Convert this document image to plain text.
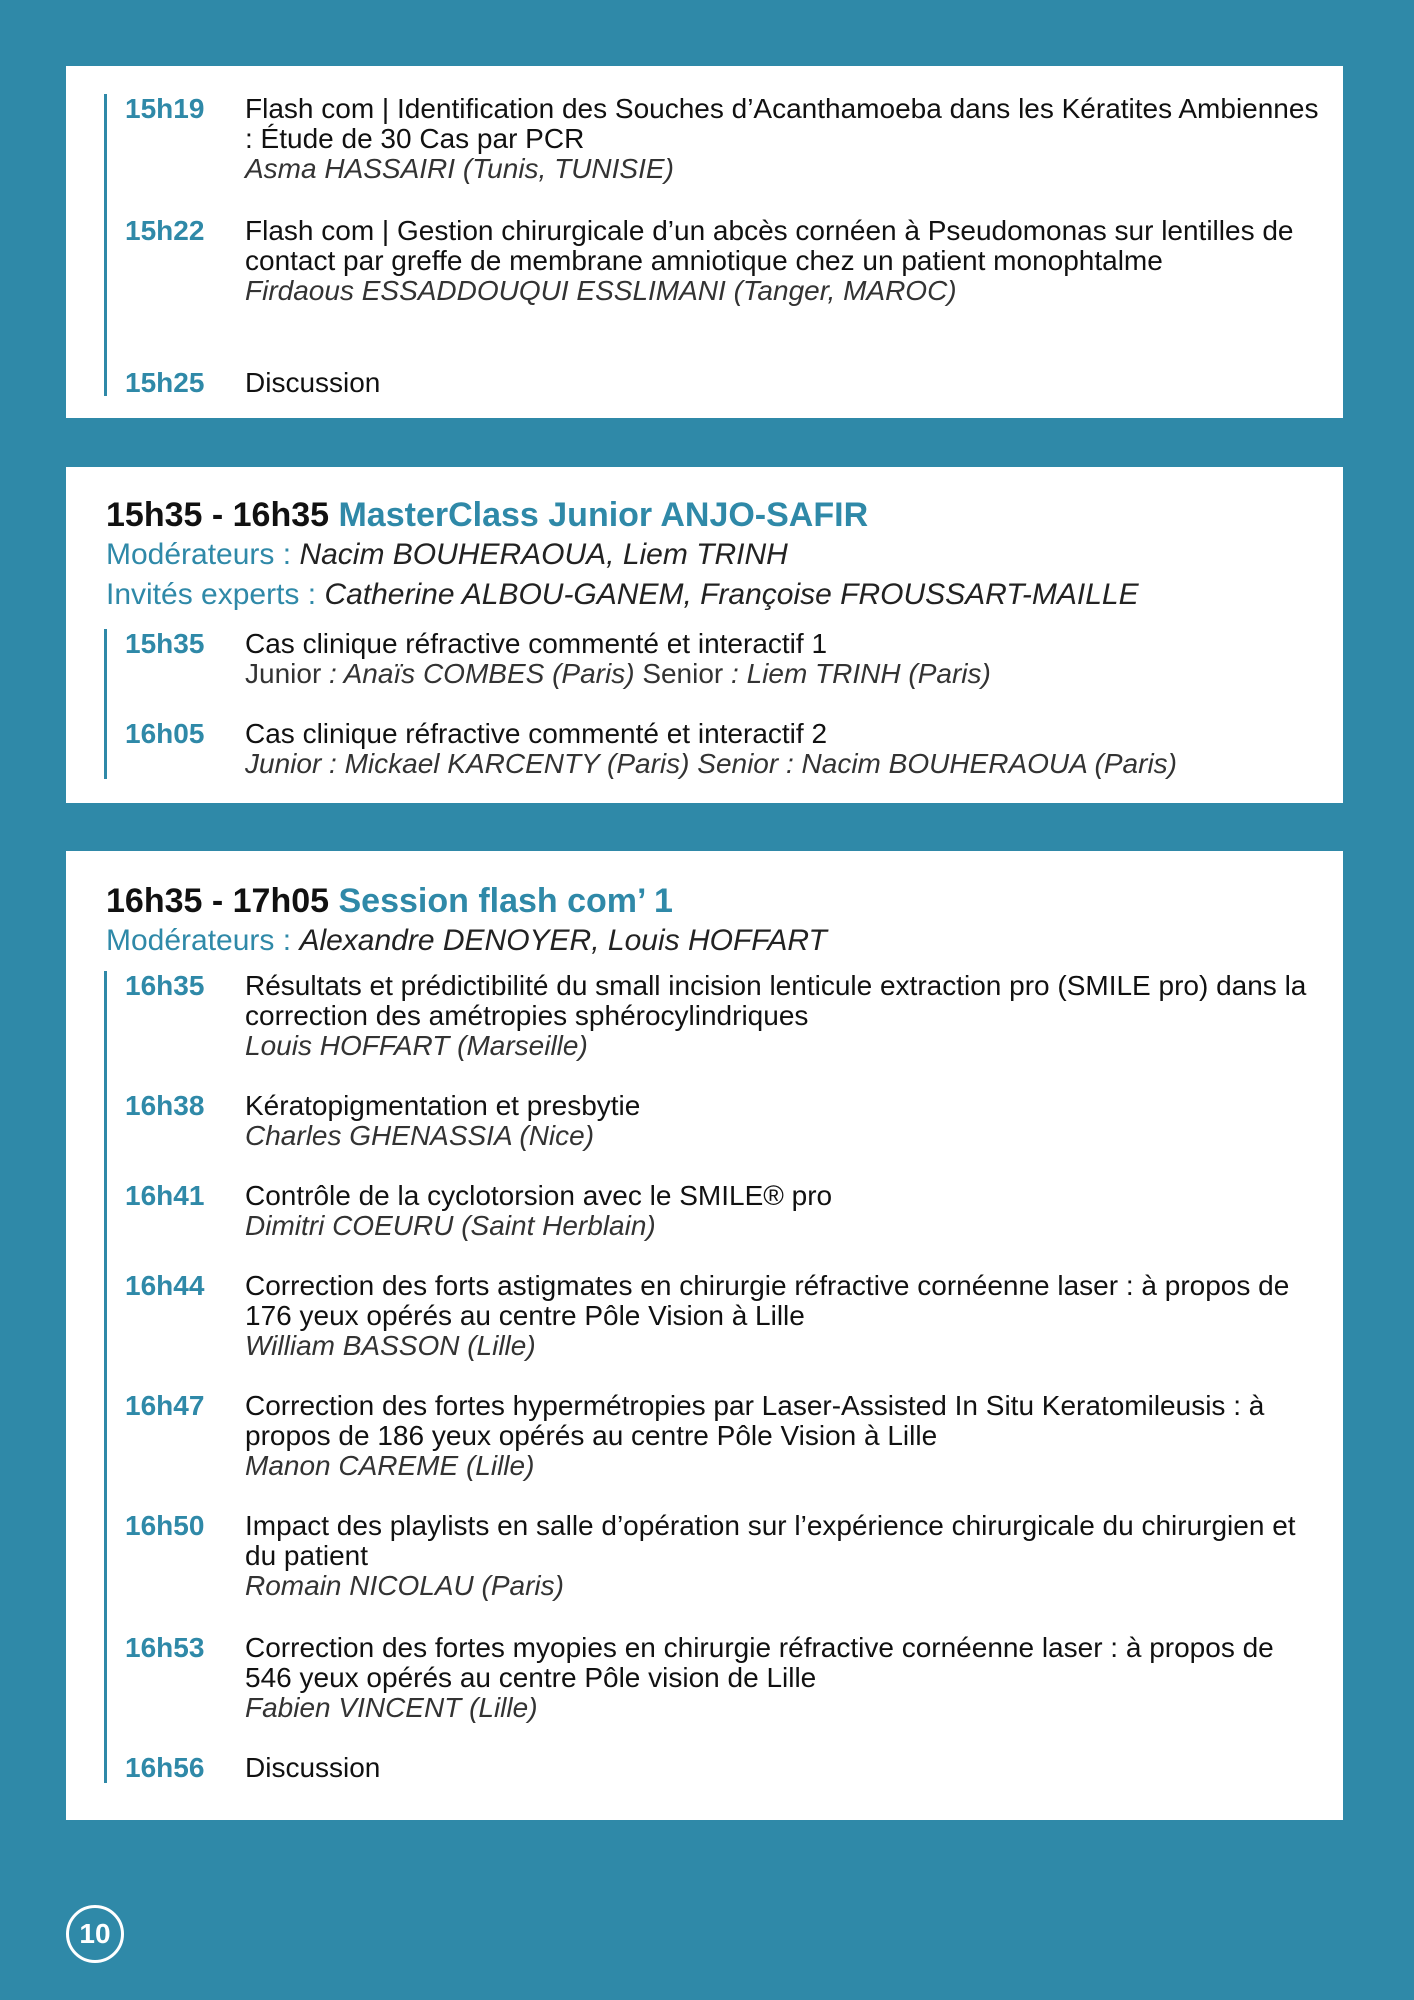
15h19 Flash com | Identification des Souches d’Acanthamoeba dans les Kératites Ambiennes : Étude de 30 Cas par PCR
Asma HASSAIRI (Tunis, TUNISIE)
15h22 Flash com | Gestion chirurgicale d’un abcès cornéen à Pseudomonas sur lentilles de contact par greffe de membrane amniotique chez un patient monophtalme
Firdaous ESSADDOUQUI ESSLIMANI (Tanger, MAROC)
15h25 Discussion
15h35 - 16h35 MasterClass Junior ANJO-SAFIR
Modérateurs : Nacim BOUHERAOUA, Liem TRINH
Invités experts : Catherine ALBOU-GANEM, Françoise FROUSSART-MAILLE
15h35 Cas clinique réfractive commenté et interactif 1
Junior : Anaïs COMBES (Paris) Senior : Liem TRINH (Paris)
16h05 Cas clinique réfractive commenté et interactif 2
Junior : Mickael KARCENTY (Paris) Senior : Nacim BOUHERAOUA (Paris)
16h35 - 17h05 Session flash com’ 1
Modérateurs : Alexandre DENOYER, Louis HOFFART
16h35 Résultats et prédictibilité du small incision lenticule extraction pro (SMILE pro) dans la correction des amétropies sphérocylindriques
Louis HOFFART (Marseille)
16h38 Kératopigmentation et presbytie
Charles GHENASSIA (Nice)
16h41 Contrôle de la cyclotorsion avec le SMILE® pro
Dimitri COEURU (Saint Herblain)
16h44 Correction des forts astigmates en chirurgie réfractive cornéenne laser : à propos de 176 yeux opérés au centre Pôle Vision à Lille
William BASSON (Lille)
16h47 Correction des fortes hypermétropies par Laser-Assisted In Situ Keratomileusis : à propos de 186 yeux opérés au centre Pôle Vision à Lille
Manon CAREME (Lille)
16h50 Impact des playlists en salle d’opération sur l’expérience chirurgicale du chirurgien et du patient
Romain NICOLAU (Paris)
16h53 Correction des fortes myopies en chirurgie réfractive cornéenne laser : à propos de 546 yeux opérés au centre Pôle vision de Lille
Fabien VINCENT (Lille)
16h56 Discussion
10
